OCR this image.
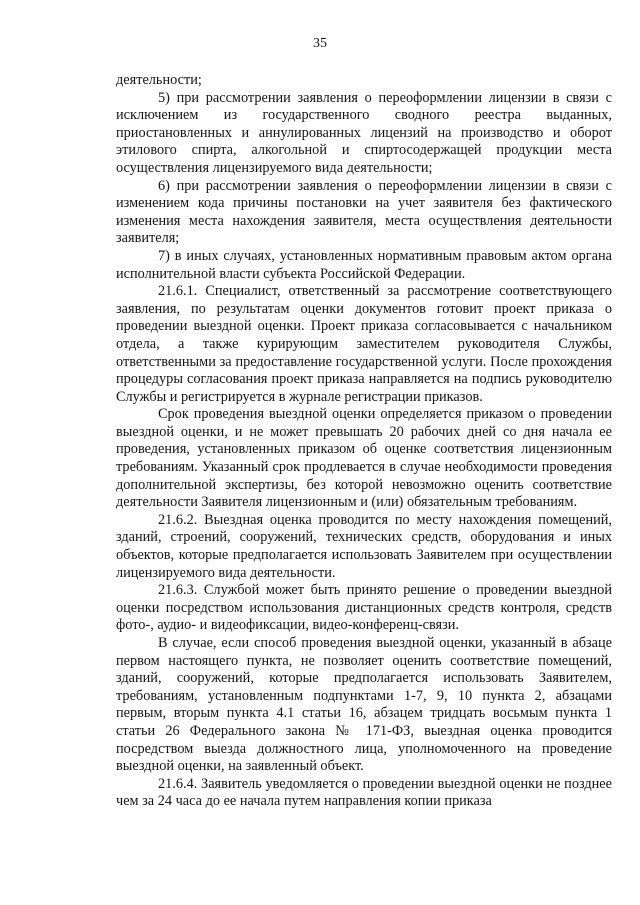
35

деятельности;

5) при рассмотрении заявления о переоформлении лицензии в связи с исключением из государственного сводного реестра выданных, приостановленных и аннулированных лицензий на производство и оборот этилового спирта, алкогольной и спиртосодержащей продукции места осуществления лицензируемого вида деятельности;

6) при рассмотрении заявления о переоформлении лицензии в связи с изменением кода причины постановки на учет заявителя без фактического изменения места нахождения заявителя, места осуществления деятельности заявителя;

7) в иных случаях, установленных нормативным правовым актом органа исполнительной власти субъекта Российской Федерации.

21.6.1. Специалист, ответственный за рассмотрение соответствующего заявления, по результатам оценки документов готовит проект приказа о проведении выездной оценки. Проект приказа согласовывается с начальником отдела, а также курирующим заместителем руководителя Службы, ответственными за предоставление государственной услуги. После прохождения процедуры согласования проект приказа направляется на подпись руководителю Службы и регистрируется в журнале регистрации приказов.

Срок проведения выездной оценки определяется приказом о проведении выездной оценки, и не может превышать 20 рабочих дней со дня начала ее проведения, установленных приказом об оценке соответствия лицензионным требованиям. Указанный срок продлевается в случае необходимости проведения дополнительной экспертизы, без которой невозможно оценить соответствие деятельности Заявителя лицензионным и (или) обязательным требованиям.

21.6.2. Выездная оценка проводится по месту нахождения помещений, зданий, строений, сооружений, технических средств, оборудования и иных объектов, которые предполагается использовать Заявителем при осуществлении лицензируемого вида деятельности.

21.6.3. Службой может быть принято решение о проведении выездной оценки посредством использования дистанционных средств контроля, средств фото-, аудио- и видеофиксации, видео-конференц-связи.

В случае, если способ проведения выездной оценки, указанный в абзаце первом настоящего пункта, не позволяет оценить соответствие помещений, зданий, сооружений, которые предполагается использовать Заявителем, требованиям, установленным подпунктами 1-7, 9, 10 пункта 2, абзацами первым, вторым пункта 4.1 статьи 16, абзацем тридцать восьмым пункта 1 статьи 26 Федерального закона № 171-ФЗ, выездная оценка проводится посредством выезда должностного лица, уполномоченного на проведение выездной оценки, на заявленный объект.

21.6.4. Заявитель уведомляется о проведении выездной оценки не позднее чем за 24 часа до ее начала путем направления копии приказа
